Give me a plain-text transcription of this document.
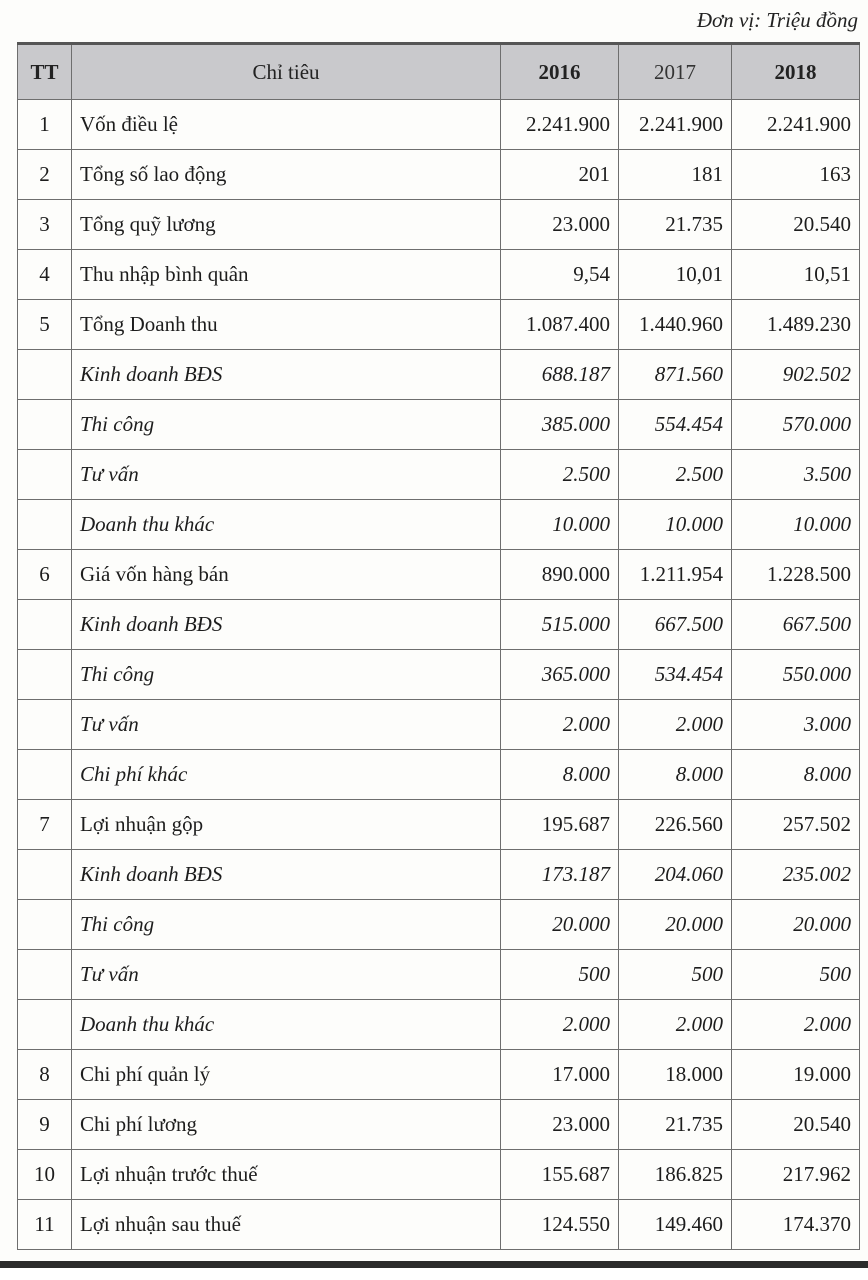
Đơn vị: Triệu đồng
TT	Chỉ tiêu	2016	2017	2018
1	Vốn điều lệ	2.241.900	2.241.900	2.241.900
2	Tổng số lao động	201	181	163
3	Tổng quỹ lương	23.000	21.735	20.540
4	Thu nhập bình quân	9,54	10,01	10,51
5	Tổng Doanh thu	1.087.400	1.440.960	1.489.230
	Kinh doanh BĐS	688.187	871.560	902.502
	Thi công	385.000	554.454	570.000
	Tư vấn	2.500	2.500	3.500
	Doanh thu khác	10.000	10.000	10.000
6	Giá vốn hàng bán	890.000	1.211.954	1.228.500
	Kinh doanh BĐS	515.000	667.500	667.500
	Thi công	365.000	534.454	550.000
	Tư vấn	2.000	2.000	3.000
	Chi phí khác	8.000	8.000	8.000
7	Lợi nhuận gộp	195.687	226.560	257.502
	Kinh doanh BĐS	173.187	204.060	235.002
	Thi công	20.000	20.000	20.000
	Tư vấn	500	500	500
	Doanh thu khác	2.000	2.000	2.000
8	Chi phí quản lý	17.000	18.000	19.000
9	Chi phí lương	23.000	21.735	20.540
10	Lợi nhuận trước thuế	155.687	186.825	217.962
11	Lợi nhuận sau thuế	124.550	149.460	174.370
